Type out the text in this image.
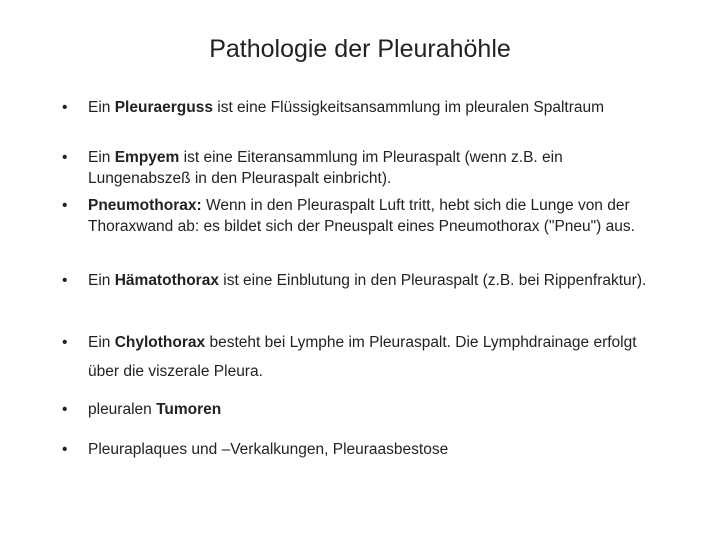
Pathologie der Pleurahöhle
•	Ein Pleuraerguss ist eine Flüssigkeitsansammlung im pleuralen Spaltraum
•	Ein Empyem ist eine Eiteransammlung im Pleuraspalt (wenn z.B. ein Lungenabszeß in den Pleuraspalt einbricht).
•	Pneumothorax: Wenn in den Pleuraspalt Luft tritt, hebt sich die Lunge von der Thoraxwand ab: es bildet sich der Pneuspalt eines Pneumothorax ("Pneu") aus.
•	Ein Hämatothorax ist eine Einblutung in den Pleuraspalt (z.B. bei Rippenfraktur).
•	Ein Chylothorax besteht bei Lymphe im Pleuraspalt. Die Lymphdrainage erfolgt über die viszerale Pleura.
•	pleuralen Tumoren
•	Pleuraplaques und –Verkalkungen, Pleuraasbestose
